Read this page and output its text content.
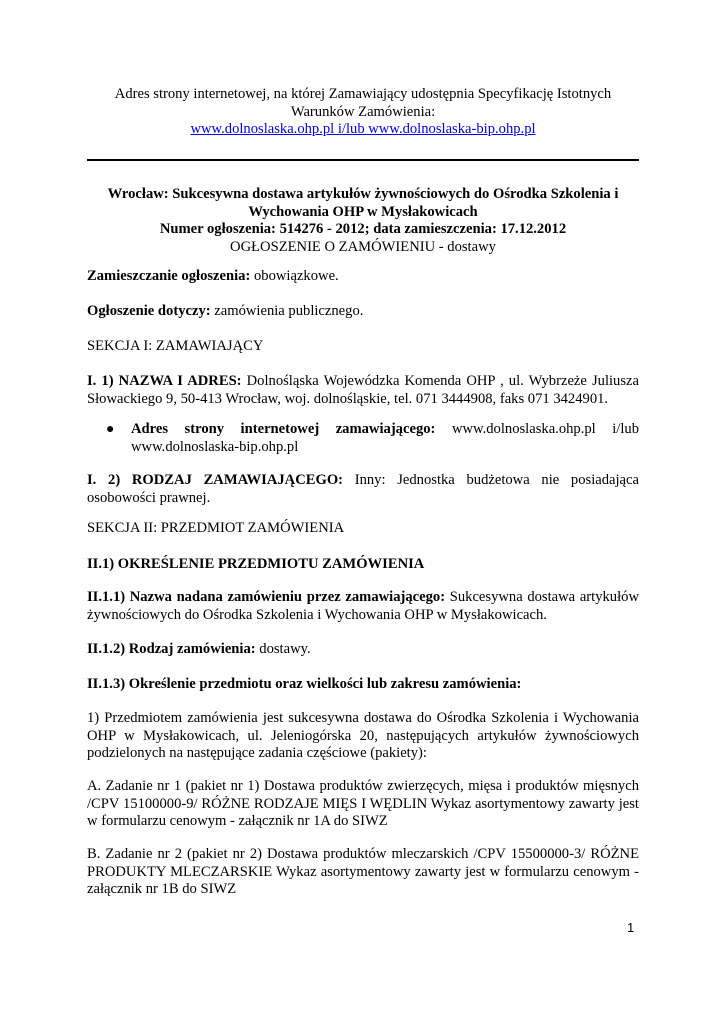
Adres strony internetowej, na której Zamawiający udostępnia Specyfikację Istotnych
Warunków Zamówienia:
www.dolnoslaska.ohp.pl i/lub www.dolnoslaska-bip.ohp.pl
Wrocław: Sukcesywna dostawa artykułów żywnościowych do Ośrodka Szkolenia i
Wychowania OHP w Mysłakowicach
Numer ogłoszenia: 514276 - 2012; data zamieszczenia: 17.12.2012
OGŁOSZENIE O ZAMÓWIENIU - dostawy
Zamieszczanie ogłoszenia: obowiązkowe.
Ogłoszenie dotyczy: zamówienia publicznego.
SEKCJA I: ZAMAWIAJĄCY
I. 1) NAZWA I ADRES: Dolnośląska Wojewódzka Komenda OHP , ul. Wybrzeże Juliusza Słowackiego 9, 50-413 Wrocław, woj. dolnośląskie, tel. 071 3444908, faks 071 3424901.
● Adres strony internetowej zamawiającego: www.dolnoslaska.ohp.pl i/lub www.dolnoslaska-bip.ohp.pl
I. 2) RODZAJ ZAMAWIAJĄCEGO: Inny: Jednostka budżetowa nie posiadająca osobowości prawnej.
SEKCJA II: PRZEDMIOT ZAMÓWIENIA
II.1) OKREŚLENIE PRZEDMIOTU ZAMÓWIENIA
II.1.1) Nazwa nadana zamówieniu przez zamawiającego: Sukcesywna dostawa artykułów żywnościowych do Ośrodka Szkolenia i Wychowania OHP w Mysłakowicach.
II.1.2) Rodzaj zamówienia: dostawy.
II.1.3) Określenie przedmiotu oraz wielkości lub zakresu zamówienia:
1) Przedmiotem zamówienia jest sukcesywna dostawa do Ośrodka Szkolenia i Wychowania OHP w Mysłakowicach, ul. Jeleniogórska 20, następujących artykułów żywnościowych podzielonych na następujące zadania częściowe (pakiety):
A. Zadanie nr 1 (pakiet nr 1) Dostawa produktów zwierzęcych, mięsa i produktów mięsnych /CPV 15100000-9/ RÓŻNE RODZAJE MIĘS I WĘDLIN Wykaz asortymentowy zawarty jest w formularzu cenowym - załącznik nr 1A do SIWZ
B. Zadanie nr 2 (pakiet nr 2) Dostawa produktów mleczarskich /CPV 15500000-3/ RÓŻNE PRODUKTY MLECZARSKIE Wykaz asortymentowy zawarty jest w formularzu cenowym - załącznik nr 1B do SIWZ
1
